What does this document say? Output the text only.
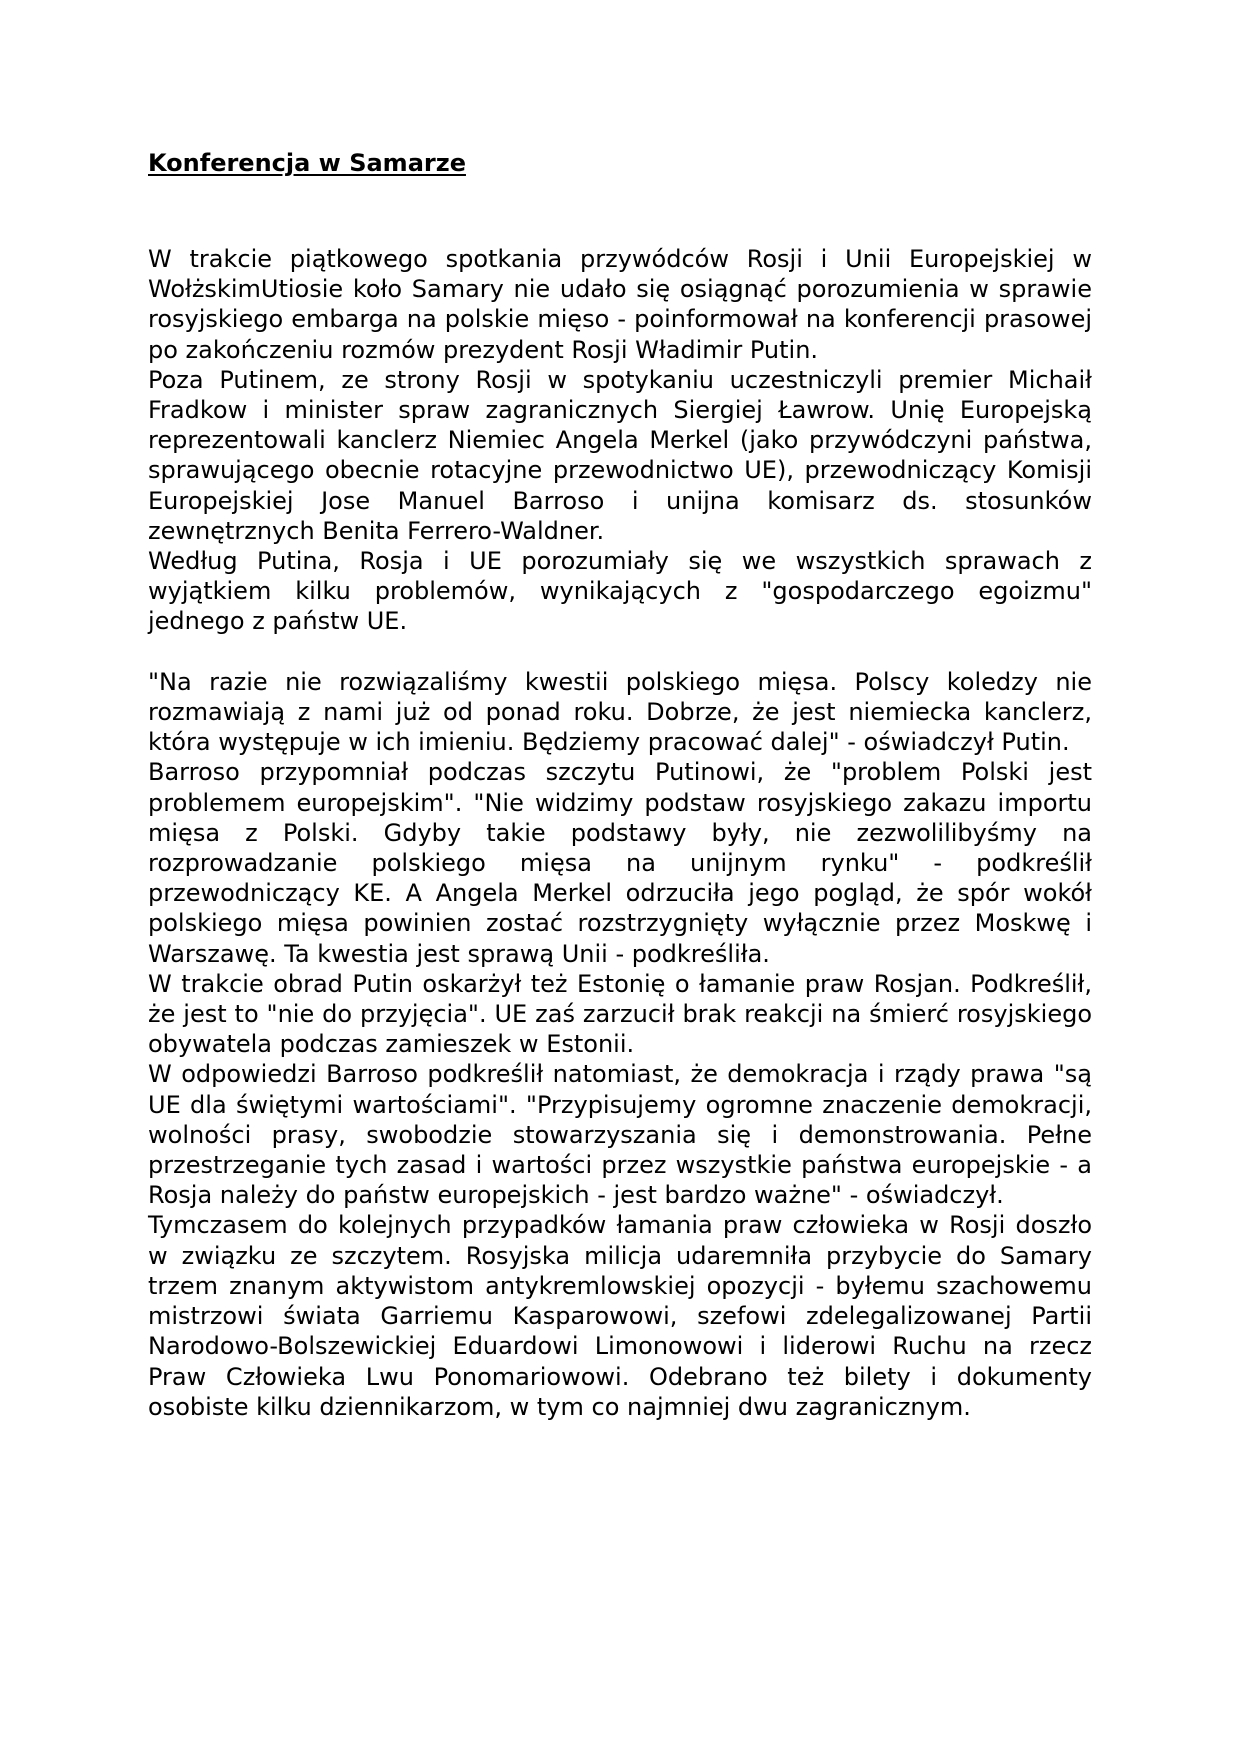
Konferencja w Samarze

W trakcie piątkowego spotkania przywódców Rosji i Unii Europejskiej w WołżskimUtiosie koło Samary nie udało się osiągnąć porozumienia w sprawie rosyjskiego embarga na polskie mięso - poinformował na konferencji prasowej po zakończeniu rozmów prezydent Rosji Władimir Putin.

Poza Putinem, ze strony Rosji w spotykaniu uczestniczyli premier Michaił Fradkow i minister spraw zagranicznych Siergiej Ławrow. Unię Europejską reprezentowali kanclerz Niemiec Angela Merkel (jako przywódczyni państwa, sprawującego obecnie rotacyjne przewodnictwo UE), przewodniczący Komisji Europejskiej Jose Manuel Barroso i unijna komisarz ds. stosunków zewnętrznych Benita Ferrero-Waldner.

Według Putina, Rosja i UE porozumiały się we wszystkich sprawach z wyjątkiem kilku problemów, wynikających z "gospodarczego egoizmu" jednego z państw UE.

"Na razie nie rozwiązaliśmy kwestii polskiego mięsa. Polscy koledzy nie rozmawiają z nami już od ponad roku. Dobrze, że jest niemiecka kanclerz, która występuje w ich imieniu. Będziemy pracować dalej" - oświadczył Putin.

Barroso przypomniał podczas szczytu Putinowi, że "problem Polski jest problemem europejskim". "Nie widzimy podstaw rosyjskiego zakazu importu mięsa z Polski. Gdyby takie podstawy były, nie zezwolilibyśmy na rozprowadzanie polskiego mięsa na unijnym rynku" - podkreślił przewodniczący KE. A Angela Merkel odrzuciła jego pogląd, że spór wokół polskiego mięsa powinien zostać rozstrzygnięty wyłącznie przez Moskwę i Warszawę. Ta kwestia jest sprawą Unii - podkreśliła.

W trakcie obrad Putin oskarżył też Estonię o łamanie praw Rosjan. Podkreślił, że jest to "nie do przyjęcia". UE zaś zarzucił brak reakcji na śmierć rosyjskiego obywatela podczas zamieszek w Estonii.

W odpowiedzi Barroso podkreślił natomiast, że demokracja i rządy prawa "są UE dla świętymi wartościami". "Przypisujemy ogromne znaczenie demokracji, wolności prasy, swobodzie stowarzyszania się i demonstrowania. Pełne przestrzeganie tych zasad i wartości przez wszystkie państwa europejskie - a Rosja należy do państw europejskich - jest bardzo ważne" - oświadczył.

Tymczasem do kolejnych przypadków łamania praw człowieka w Rosji doszło w związku ze szczytem. Rosyjska milicja udaremniła przybycie do Samary trzem znanym aktywistom antykremlowskiej opozycji - byłemu szachowemu mistrzowi świata Garriemu Kasparowowi, szefowi zdelegalizowanej Partii Narodowo-Bolszewickiej Eduardowi Limonowowi i liderowi Ruchu na rzecz Praw Człowieka Lwu Ponomariowowi. Odebrano też bilety i dokumenty osobiste kilku dziennikarzom, w tym co najmniej dwu zagranicznym.
